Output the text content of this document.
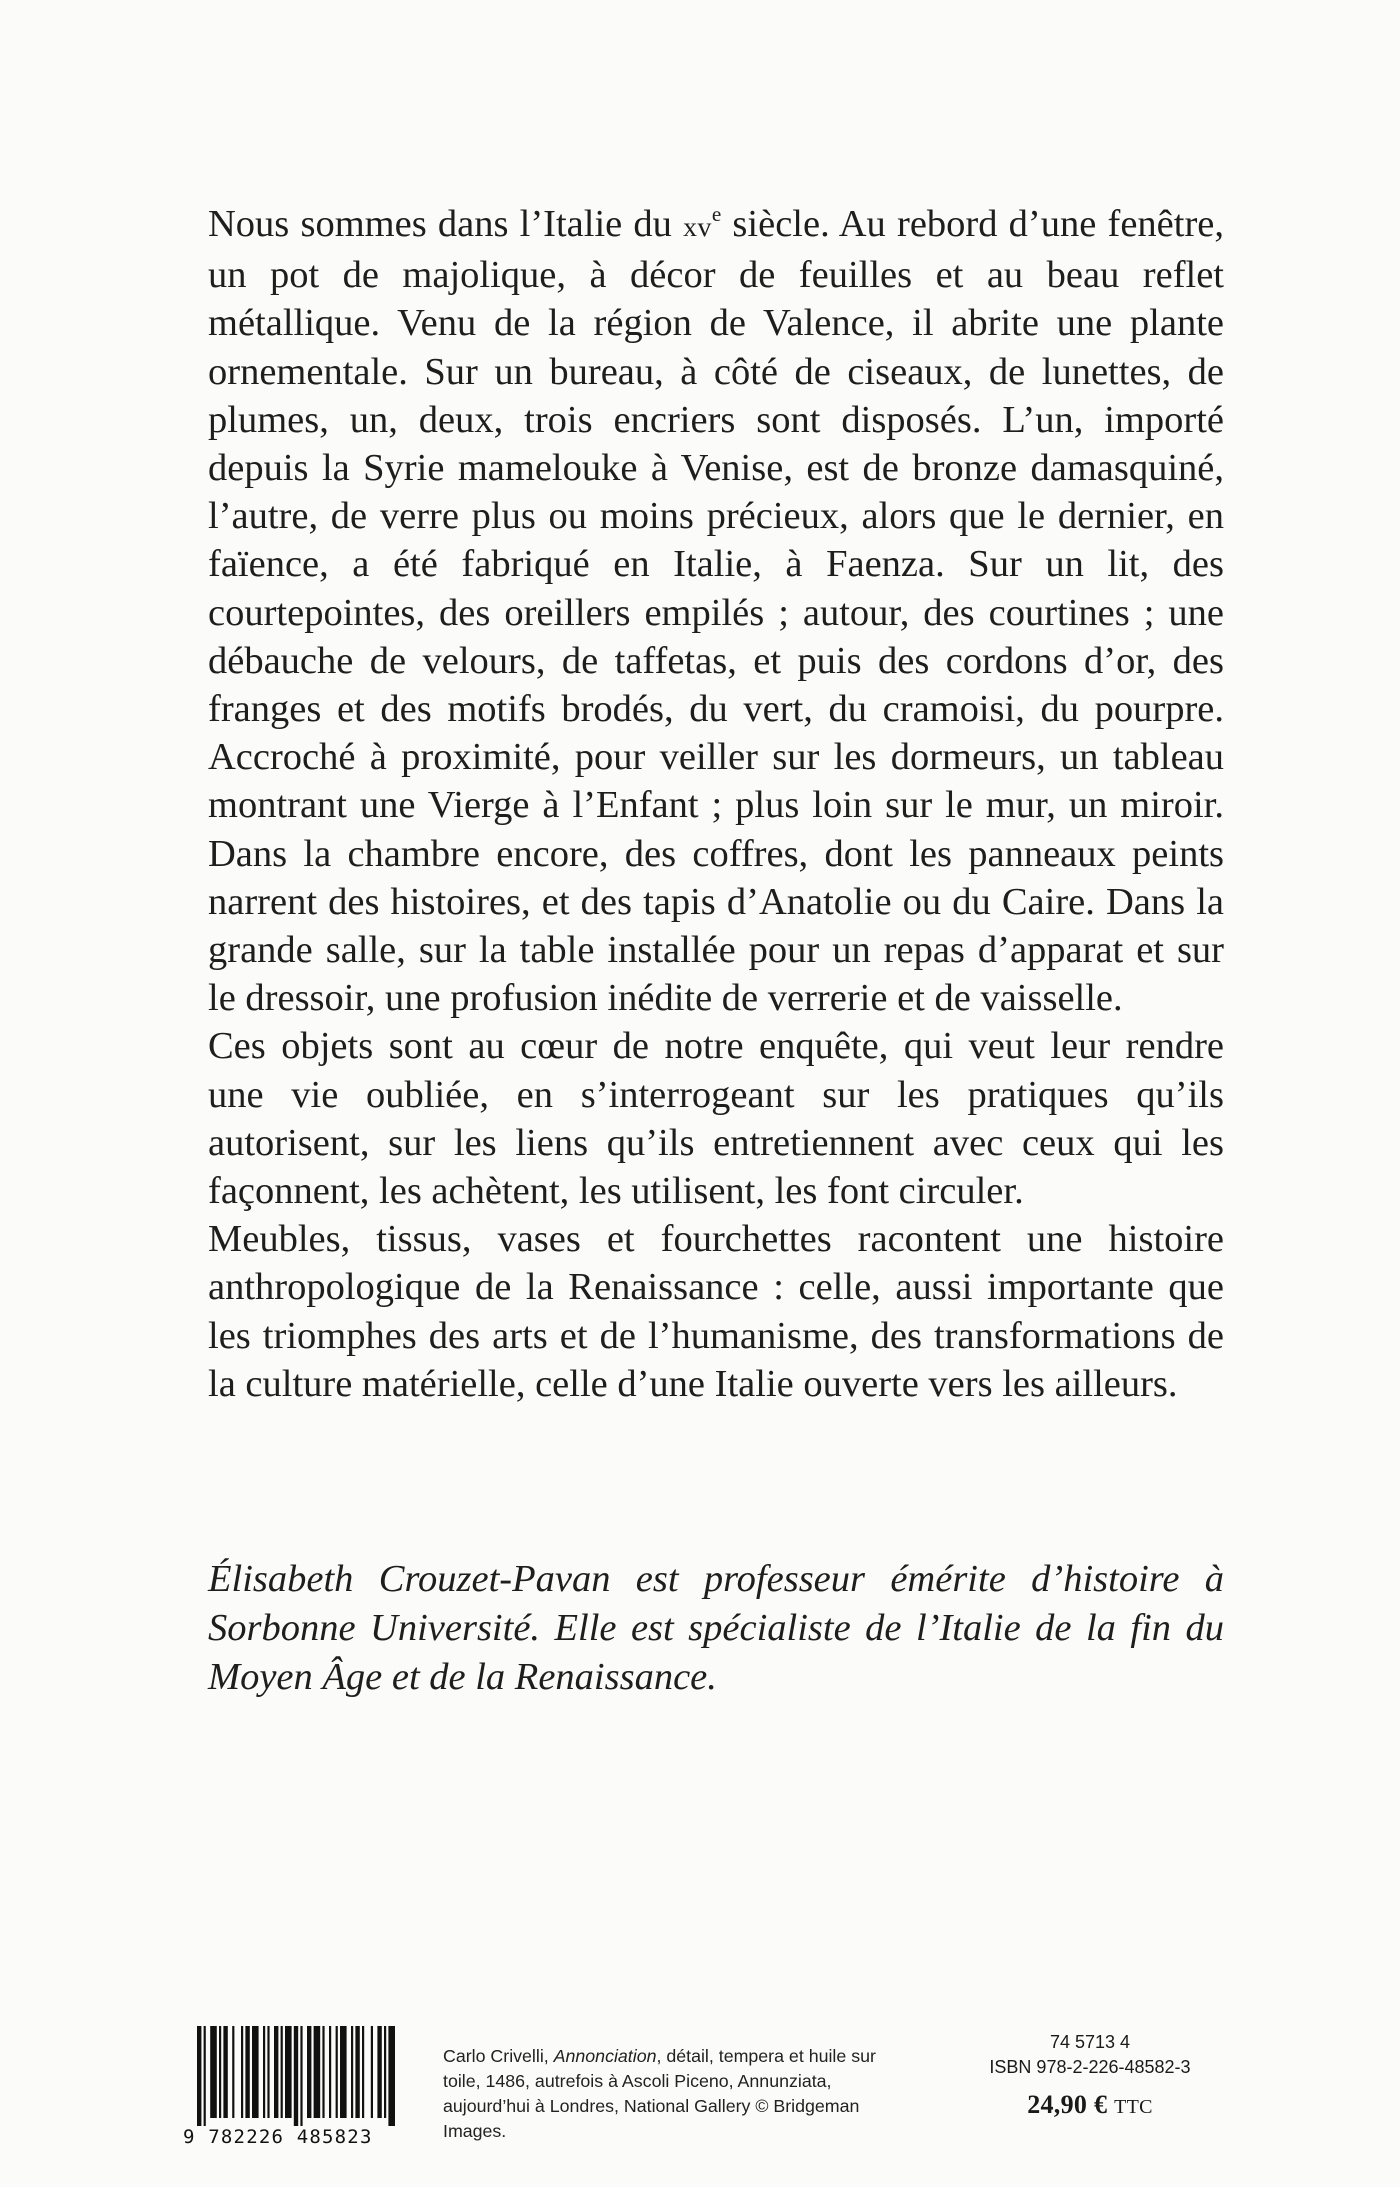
Nous sommes dans l’Italie du $xv^e$ siècle. Au rebord d’une fenêtre, un pot de majolique, à décor de feuilles et au beau reflet métallique. Venu de la région de Valence, il abrite une plante ornementale. Sur un bureau, à côté de ciseaux, de lunettes, de plumes, un, deux, trois encriers sont disposés. L’un, importé depuis la Syrie mamelouke à Venise, est de bronze damasquiné, l’autre, de verre plus ou moins précieux, alors que le dernier, en faïence, a été fabriqué en Italie, à Faenza. Sur un lit, des courtepointes, des oreillers empilés ; autour, des courtines ; une débauche de velours, de taffetas, et puis des cordons d’or, des franges et des motifs brodés, du vert, du cramoisi, du pourpre. Accroché à proximité, pour veiller sur les dormeurs, un tableau montrant une Vierge à l’Enfant ; plus loin sur le mur, un miroir. Dans la chambre encore, des coffres, dont les panneaux peints narrent des histoires, et des tapis d’Anatolie ou du Caire. Dans la grande salle, sur la table installée pour un repas d’apparat et sur le dressoir, une profusion inédite de verrerie et de vaisselle.

Ces objets sont au cœur de notre enquête, qui veut leur rendre une vie oubliée, en s’interrogeant sur les pratiques qu’ils autorisent, sur les liens qu’ils entretiennent avec ceux qui les façonnent, les achètent, les utilisent, les font circuler.

Meubles, tissus, vases et fourchettes racontent une histoire anthropologique de la Renaissance : celle, aussi importante que les triomphes des arts et de l’humanisme, des transformations de la culture matérielle, celle d’une Italie ouverte vers les ailleurs.

Élisabeth Crouzet-Pavan est professeur émérite d’histoire à Sorbonne Université. Elle est spécialiste de l’Italie de la fin du Moyen Âge et de la Renaissance.
9 782226 485823
Carlo Crivelli, Annonciation, détail, tempera et huile sur toile, 1486, autrefois à Ascoli Piceno, Annunziata, aujourd’hui à Londres, National Gallery © Bridgeman Images.
74 5713 4
ISBN 978-2-226-48582-3
24,90 € TTC
